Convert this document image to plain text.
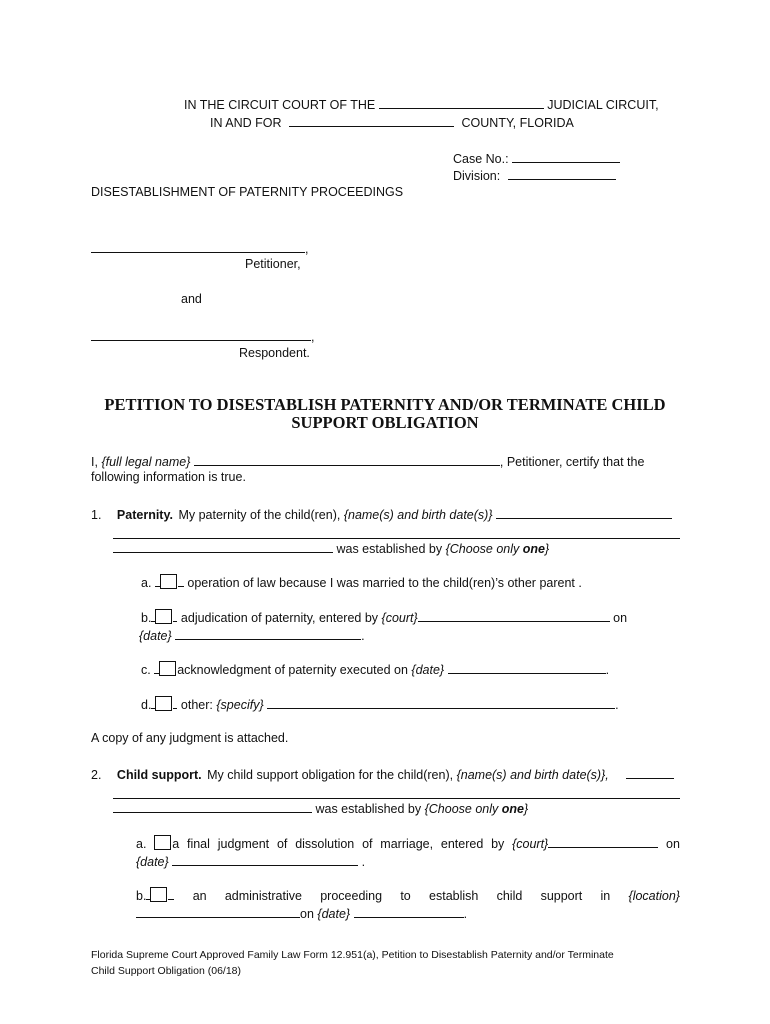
IN THE CIRCUIT COURT OF THE	JUDICIAL CIRCUIT,
IN AND FOR	COUNTY, FLORIDA
Case No.:
Division:
DISESTABLISHMENT OF PATERNITY PROCEEDINGS
,
Petitioner,
and
,
Respondent.
PETITION TO DISESTABLISH PATERNITY AND/OR TERMINATE CHILD
SUPPORT OBLIGATION
I, {full legal name}	, Petitioner, certify that the
following information is true.
1. Paternity. My paternity of the child(ren), {name(s) and birth date(s)}
was established by {Choose only one}
a.	operation of law because I was married to the child(ren)’s other parent .
b. adjudication of paternity, entered by {court}	on
{date}	.
c. acknowledgment of paternity executed on {date}	.
d. other: {specify}	.
A copy of any judgment is attached.
2. Child support. My child support obligation for the child(ren), {name(s) and birth date(s)},
was established by {Choose only one}
a. a final judgment of dissolution of marriage, entered by {court}	on
{date}	.
b.	an administrative proceeding to establish child support in {location}
on {date}	.
Florida Supreme Court Approved Family Law Form 12.951(a), Petition to Disestablish Paternity and/or Terminate
Child Support Obligation (06/18)
